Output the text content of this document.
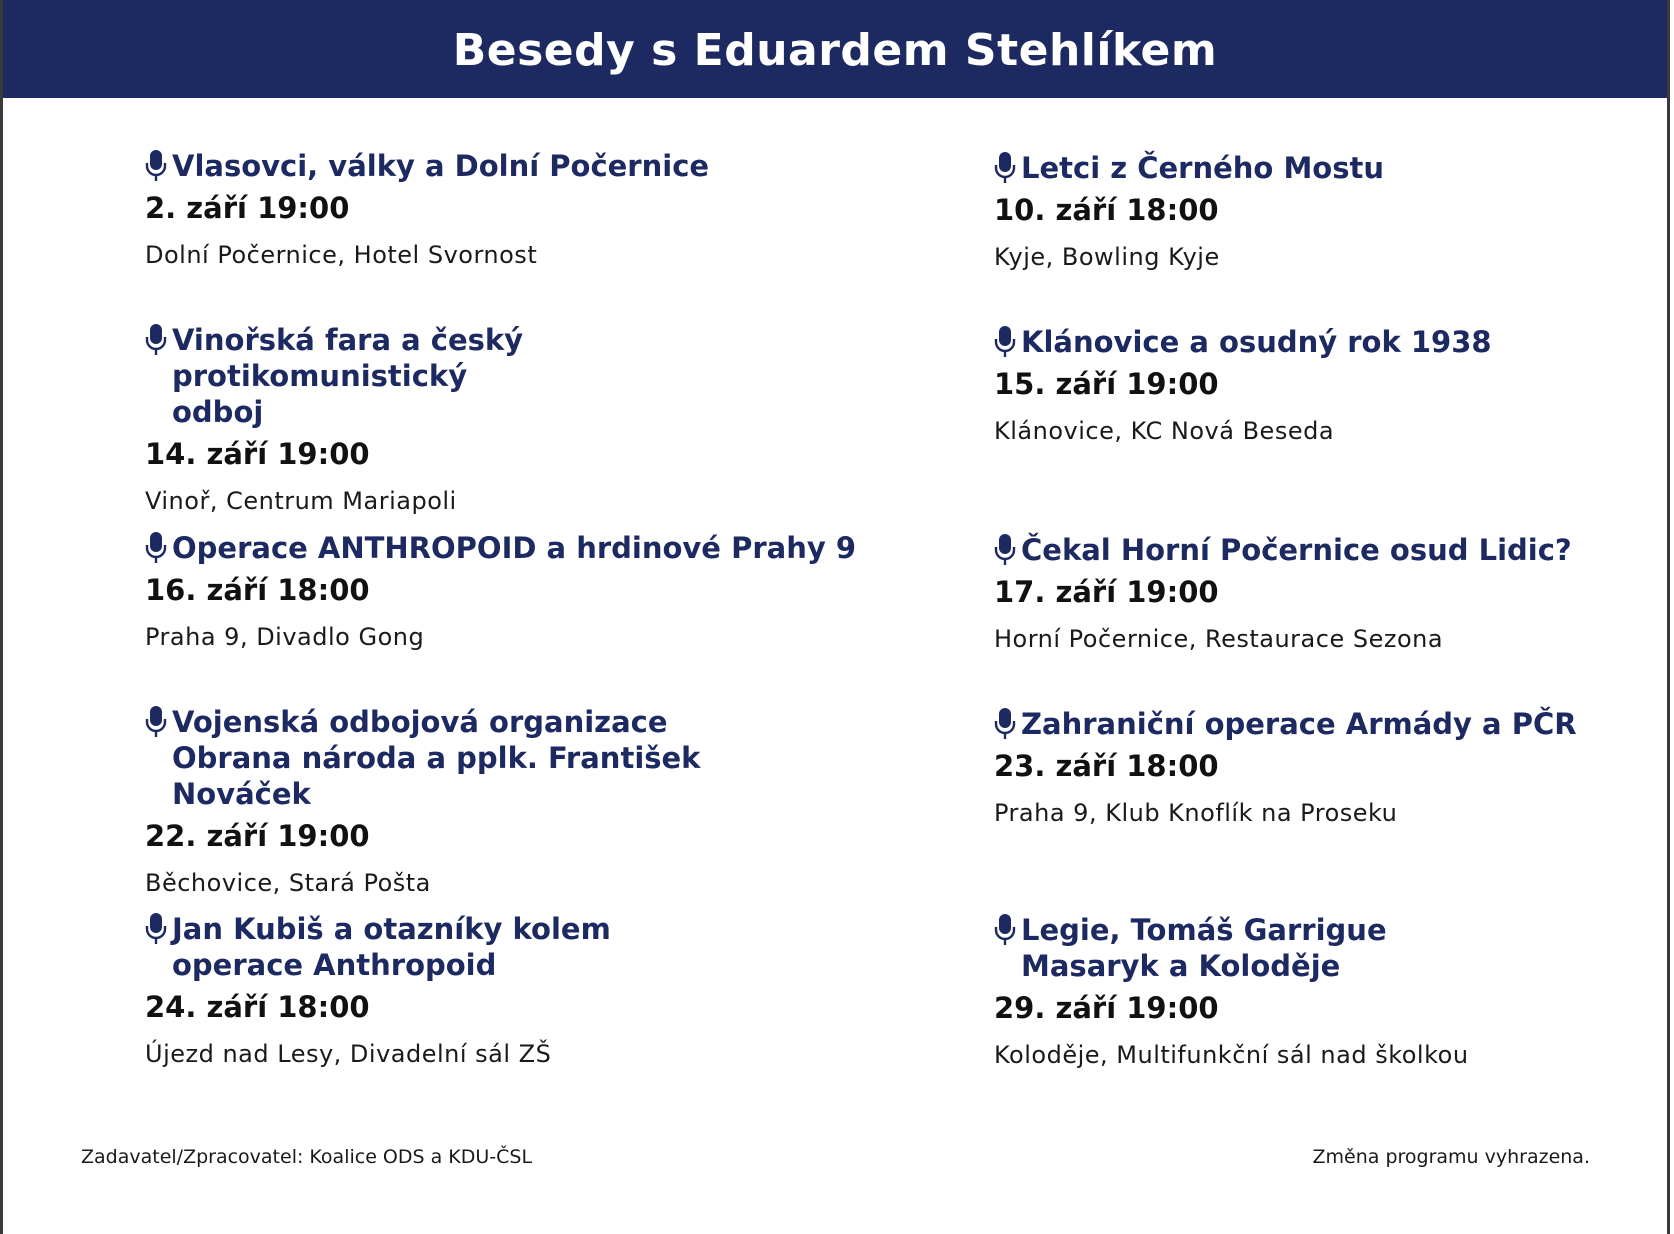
Besedy s Eduardem Stehlíkem
Vlasovci, války a Dolní Počernice
2. září 19:00
Dolní Počernice, Hotel Svornost
Vinořská fara a český protikomunistický odboj
14. září 19:00
Vinoř, Centrum Mariapoli
Operace ANTHROPOID a hrdinové Prahy 9
16. září 18:00
Praha 9, Divadlo Gong
Vojenská odbojová organizace Obrana národa a pplk. František Nováček
22. září 19:00
Běchovice, Stará Pošta
Jan Kubiš a otazníky kolem operace Anthropoid
24. září 18:00
Újezd nad Lesy, Divadelní sál ZŠ
Letci z Černého Mostu
10. září 18:00
Kyje, Bowling Kyje
Klánovice a osudný rok 1938
15. září 19:00
Klánovice, KC Nová Beseda
Čekal Horní Počernice osud Lidic?
17. září 19:00
Horní Počernice, Restaurace Sezona
Zahraniční operace Armády a PČR
23. září 18:00
Praha 9, Klub Knoflík na Proseku
Legie, Tomáš Garrigue Masaryk a Koloděje
29. září 19:00
Koloděje, Multifunkční sál nad školkou
Zadavatel/Zpracovatel: Koalice ODS a KDU-ČSL	Změna programu vyhrazena.
